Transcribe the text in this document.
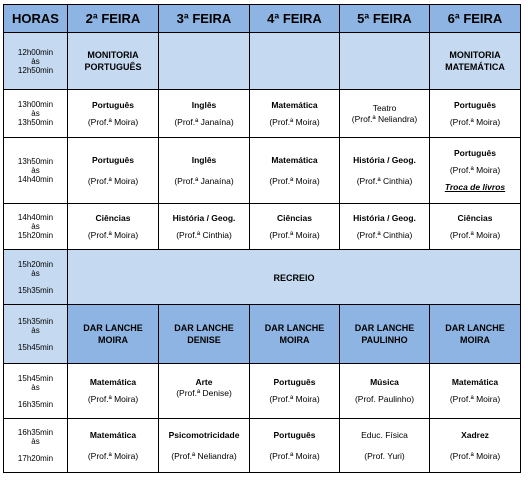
HORAS	2ª FEIRA	3ª FEIRA	4ª FEIRA	5ª FEIRA	6ª FEIRA

12h00min
às
12h50min	MONITORIA PORTUGUÊS				MONITORIA MATEMÁTICA

13h00min
às
13h50min	Português
(Prof.ª Moira)	Inglês
(Prof.ª Janaína)	Matemática
(Prof.ª Moira)	Teatro
(Prof.ª Neliandra)	Português
(Prof.ª Moira)

13h50min
às
14h40min	Português
(Prof.ª Moira)	Inglês
(Prof.ª Janaína)	Matemática
(Prof.ª Moira)	História / Geog.
(Prof.ª Cinthia)	Português
(Prof.ª Moira)
Troca de livros

14h40min
às
15h20min	Ciências
(Prof.ª Moira)	História / Geog.
(Prof.ª Cinthia)	Ciências
(Prof.ª Moira)	História / Geog.
(Prof.ª Cinthia)	Ciências
(Prof.ª Moira)

15h20min
às
15h35min	RECREIO				

15h35min
às
15h45min	DAR LANCHE MOIRA	DAR LANCHE DENISE	DAR LANCHE MOIRA	DAR LANCHE PAULINHO	DAR LANCHE MOIRA

15h45min
às
16h35min	Matemática
(Prof.ª Moira)	Arte
(Prof.ª Denise)	Português
(Prof.ª Moira)	Música
(Prof. Paulinho)	Matemática
(Prof.ª Moira)

16h35min
às
17h20min	Matemática
(Prof.ª Moira)	Psicomotricidade
(Prof.ª Neliandra)	Português
(Prof.ª Moira)	Educ. Física
(Prof. Yuri)	Xadrez
(Prof.ª Moira)
